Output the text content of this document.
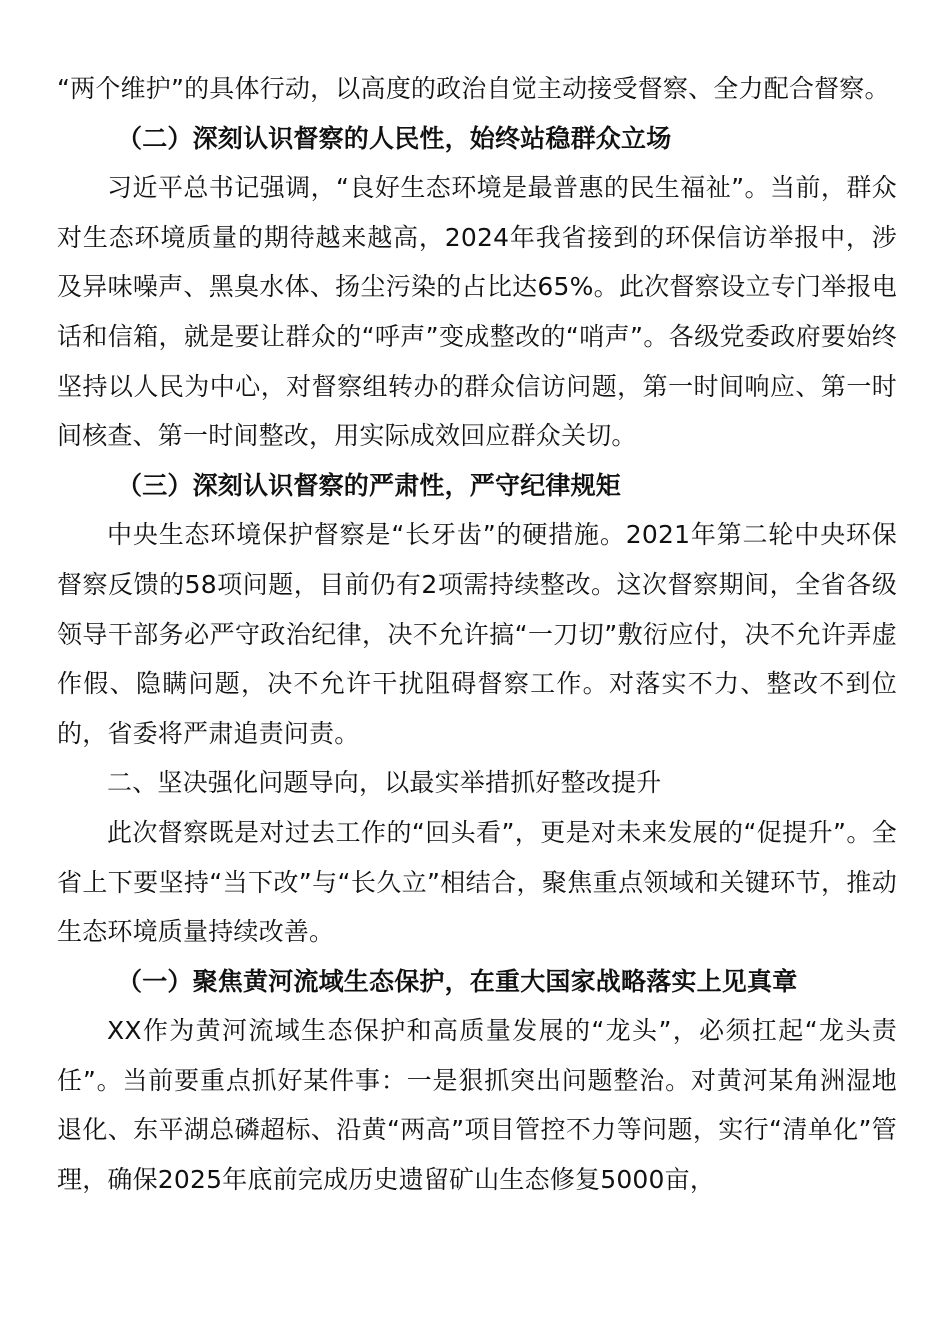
“两个维护”的具体行动，以高度的政治自觉主动接受督察、全力配合督察。

（二）深刻认识督察的人民性，始终站稳群众立场

习近平总书记强调，“良好生态环境是最普惠的民生福祉”。当前，群众对生态环境质量的期待越来越高，2024年我省接到的环保信访举报中，涉及异味噪声、黑臭水体、扬尘污染的占比达65%。此次督察设立专门举报电话和信箱，就是要让群众的“呼声”变成整改的“哨声”。各级党委政府要始终坚持以人民为中心，对督察组转办的群众信访问题，第一时间响应、第一时间核查、第一时间整改，用实际成效回应群众关切。

（三）深刻认识督察的严肃性，严守纪律规矩

中央生态环境保护督察是“长牙齿”的硬措施。2021年第二轮中央环保督察反馈的58项问题，目前仍有2项需持续整改。这次督察期间，全省各级领导干部务必严守政治纪律，决不允许搞“一刀切”敷衍应付，决不允许弄虚作假、隐瞒问题，决不允许干扰阻碍督察工作。对落实不力、整改不到位的，省委将严肃追责问责。

二、坚决强化问题导向，以最实举措抓好整改提升

此次督察既是对过去工作的“回头看”，更是对未来发展的“促提升”。全省上下要坚持“当下改”与“长久立”相结合，聚焦重点领域和关键环节，推动生态环境质量持续改善。

（一）聚焦黄河流域生态保护，在重大国家战略落实上见真章

XX作为黄河流域生态保护和高质量发展的“龙头”，必须扛起“龙头责任”。当前要重点抓好某件事：一是狠抓突出问题整治。对黄河某角洲湿地退化、东平湖总磷超标、沿黄“两高”项目管控不力等问题，实行“清单化”管理，确保2025年底前完成历史遗留矿山生态修复5000亩，
